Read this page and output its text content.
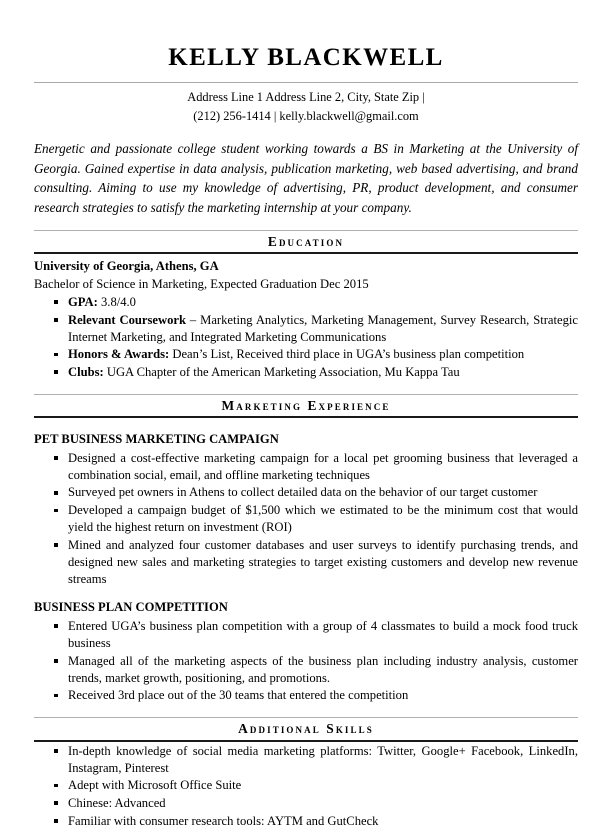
KELLY BLACKWELL
Address Line 1 Address Line 2, City, State Zip |
(212) 256-1414 | kelly.blackwell@gmail.com

Energetic and passionate college student working towards a BS in Marketing at the University of Georgia. Gained expertise in data analysis, publication marketing, web based advertising, and brand consulting. Aiming to use my knowledge of advertising, PR, product development, and consumer research strategies to satisfy the marketing internship at your company.

Education
University of Georgia, Athens, GA
Bachelor of Science in Marketing, Expected Graduation Dec 2015
GPA: 3.8/4.0
Relevant Coursework – Marketing Analytics, Marketing Management, Survey Research, Strategic Internet Marketing, and Integrated Marketing Communications
Honors & Awards: Dean’s List, Received third place in UGA’s business plan competition
Clubs: UGA Chapter of the American Marketing Association, Mu Kappa Tau
Marketing Experience
PET BUSINESS MARKETING CAMPAIGN
Designed a cost-effective marketing campaign for a local pet grooming business that leveraged a combination social, email, and offline marketing techniques
Surveyed pet owners in Athens to collect detailed data on the behavior of our target customer
Developed a campaign budget of $1,500 which we estimated to be the minimum cost that would yield the highest return on investment (ROI)
Mined and analyzed four customer databases and user surveys to identify purchasing trends, and designed new sales and marketing strategies to target existing customers and develop new revenue streams
BUSINESS PLAN COMPETITION
Entered UGA’s business plan competition with a group of 4 classmates to build a mock food truck business
Managed all of the marketing aspects of the business plan including industry analysis, customer trends, market growth, positioning, and promotions.
Received 3rd place out of the 30 teams that entered the competition
Additional Skills
In-depth knowledge of social media marketing platforms: Twitter, Google+ Facebook, LinkedIn, Instagram, Pinterest
Adept with Microsoft Office Suite
Chinese: Advanced
Familiar with consumer research tools: AYTM and GutCheck
